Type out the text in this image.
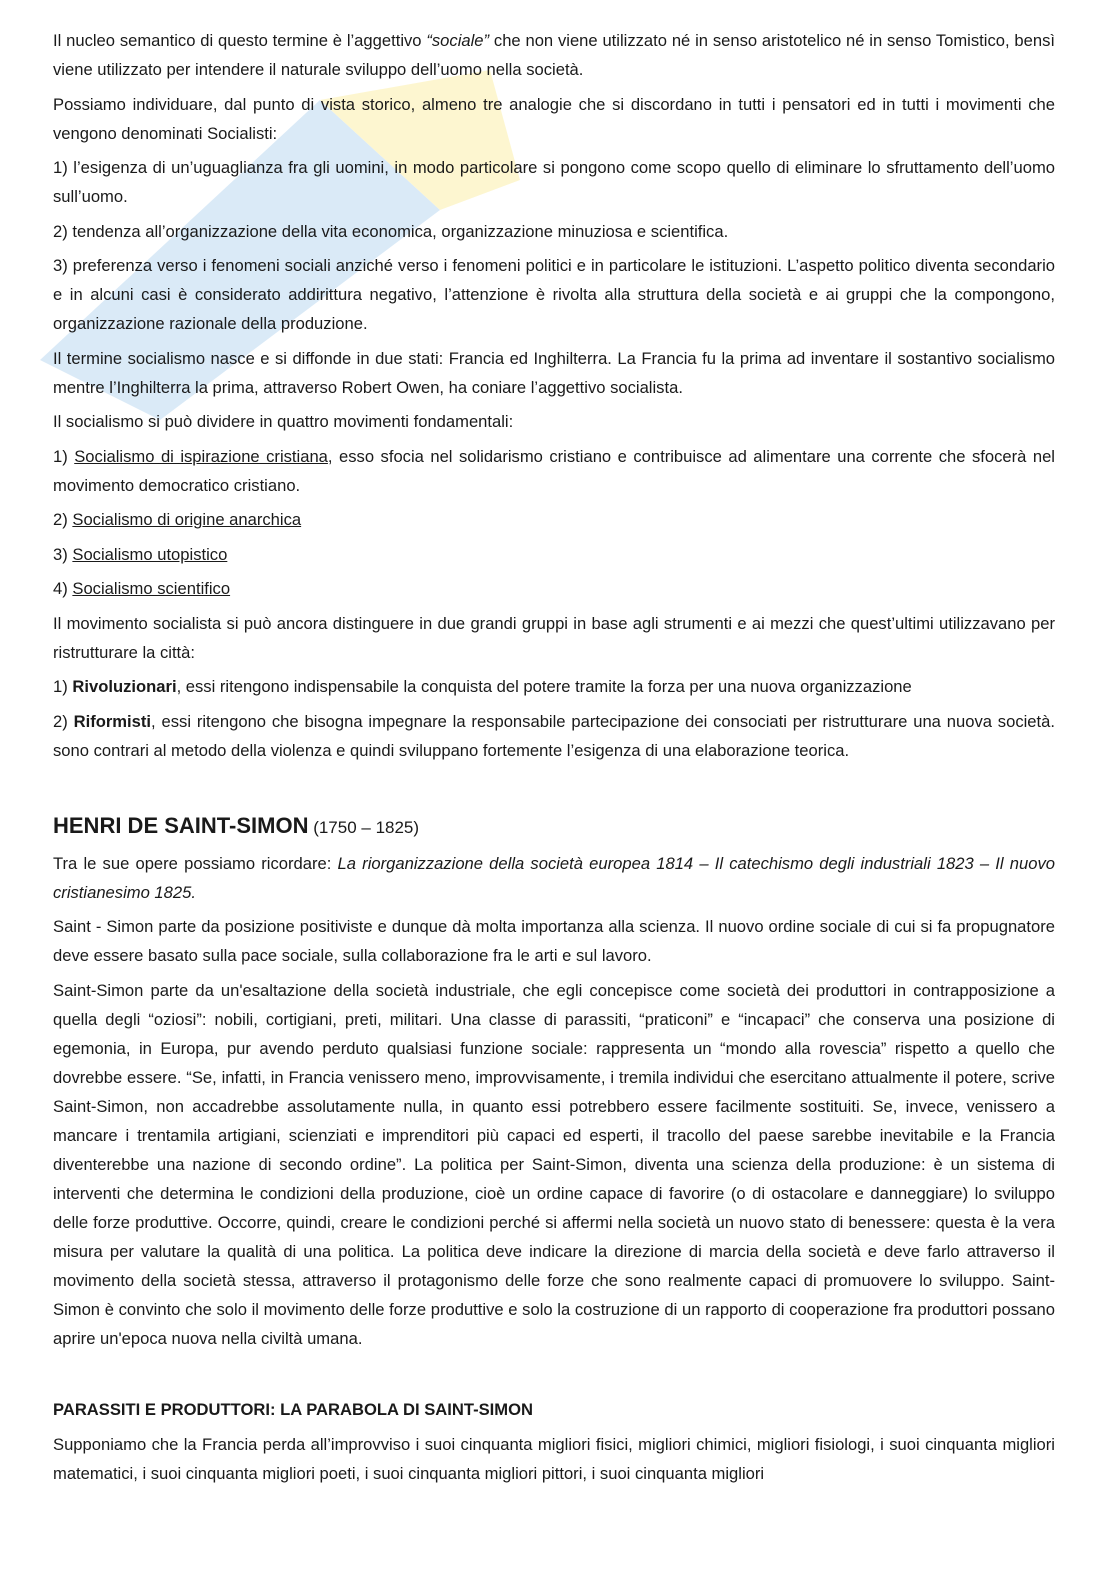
Il nucleo semantico di questo termine è l’aggettivo “sociale” che non viene utilizzato né in senso aristotelico né in senso Tomistico, bensì viene utilizzato per intendere il naturale sviluppo dell’uomo nella società.

Possiamo individuare, dal punto di vista storico, almeno tre analogie che si discordano in tutti i pensatori ed in tutti i movimenti che vengono denominati Socialisti:

1) l’esigenza di un’uguaglianza fra gli uomini, in modo particolare si pongono come scopo quello di eliminare lo sfruttamento dell’uomo sull’uomo.

2) tendenza all’organizzazione della vita economica, organizzazione minuziosa e scientifica.

3) preferenza verso i fenomeni sociali anziché verso i fenomeni politici e in particolare le istituzioni. L’aspetto politico diventa secondario e in alcuni casi è considerato addirittura negativo, l’attenzione è rivolta alla struttura della società e ai gruppi che la compongono, organizzazione razionale della produzione.

Il termine socialismo nasce e si diffonde in due stati: Francia ed Inghilterra. La Francia fu la prima ad inventare il sostantivo socialismo mentre l’Inghilterra la prima, attraverso Robert Owen, ha coniare l’aggettivo socialista.

Il socialismo si può dividere in quattro movimenti fondamentali:

1) Socialismo di ispirazione cristiana, esso sfocia nel solidarismo cristiano e contribuisce ad alimentare una corrente che sfocerà nel movimento democratico cristiano.

2) Socialismo di origine anarchica

3) Socialismo utopistico

4) Socialismo scientifico

Il movimento socialista si può ancora distinguere in due grandi gruppi in base agli strumenti e ai mezzi che quest’ultimi utilizzavano per ristrutturare la città:

1) Rivoluzionari, essi ritengono indispensabile la conquista del potere tramite la forza per una nuova organizzazione

2) Riformisti, essi ritengono che bisogna impegnare la responsabile partecipazione dei consociati per ristrutturare una nuova società. sono contrari al metodo della violenza e quindi sviluppano fortemente l’esigenza di una elaborazione teorica.

HENRI DE SAINT-SIMON (1750 – 1825)

Tra le sue opere possiamo ricordare: La riorganizzazione della società europea 1814 – Il catechismo degli industriali 1823 – Il nuovo cristianesimo 1825.

Saint - Simon parte da posizione positiviste e dunque dà molta importanza alla scienza. Il nuovo ordine sociale di cui si fa propugnatore deve essere basato sulla pace sociale, sulla collaborazione fra le arti e sul lavoro.

Saint-Simon parte da un'esaltazione della società industriale, che egli concepisce come società dei produttori in contrapposizione a quella degli “oziosi”: nobili, cortigiani, preti, militari. Una classe di parassiti, “praticoni” e “incapaci” che conserva una posizione di egemonia, in Europa, pur avendo perduto qualsiasi funzione sociale: rappresenta un “mondo alla rovescia” rispetto a quello che dovrebbe essere. “Se, infatti, in Francia venissero meno, improvvisamente, i tremila individui che esercitano attualmente il potere, scrive Saint-Simon, non accadrebbe assolutamente nulla, in quanto essi potrebbero essere facilmente sostituiti. Se, invece, venissero a mancare i trentamila artigiani, scienziati e imprenditori più capaci ed esperti, il tracollo del paese sarebbe inevitabile e la Francia diventerebbe una nazione di secondo ordine”. La politica per Saint-Simon, diventa una scienza della produzione: è un sistema di interventi che determina le condizioni della produzione, cioè un ordine capace di favorire (o di ostacolare e danneggiare) lo sviluppo delle forze produttive. Occorre, quindi, creare le condizioni perché si affermi nella società un nuovo stato di benessere: questa è la vera misura per valutare la qualità di una politica. La politica deve indicare la direzione di marcia della società e deve farlo attraverso il movimento della società stessa, attraverso il protagonismo delle forze che sono realmente capaci di promuovere lo sviluppo. Saint-Simon è convinto che solo il movimento delle forze produttive e solo la costruzione di un rapporto di cooperazione fra produttori possano aprire un'epoca nuova nella civiltà umana.

PARASSITI E PRODUTTORI: LA PARABOLA DI SAINT-SIMON

Supponiamo che la Francia perda all’improvviso i suoi cinquanta migliori fisici, migliori chimici, migliori fisiologi, i suoi cinquanta migliori matematici, i suoi cinquanta migliori poeti, i suoi cinquanta migliori pittori, i suoi cinquanta migliori
